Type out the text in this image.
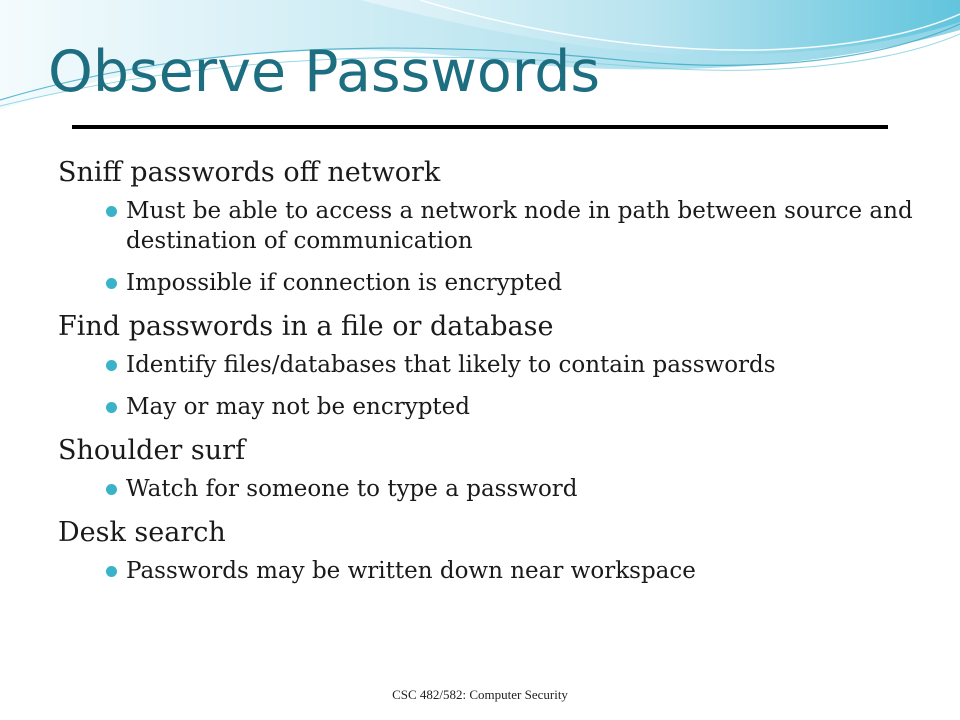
Observe Passwords
Sniff passwords off network
Must be able to access a network node in path between source and destination of communication
Impossible if connection is encrypted
Find passwords in a file or database
Identify files/databases that likely to contain passwords
May or may not be encrypted
Shoulder surf
Watch for someone to type a password
Desk search
Passwords may be written down near workspace
CSC 482/582: Computer Security
